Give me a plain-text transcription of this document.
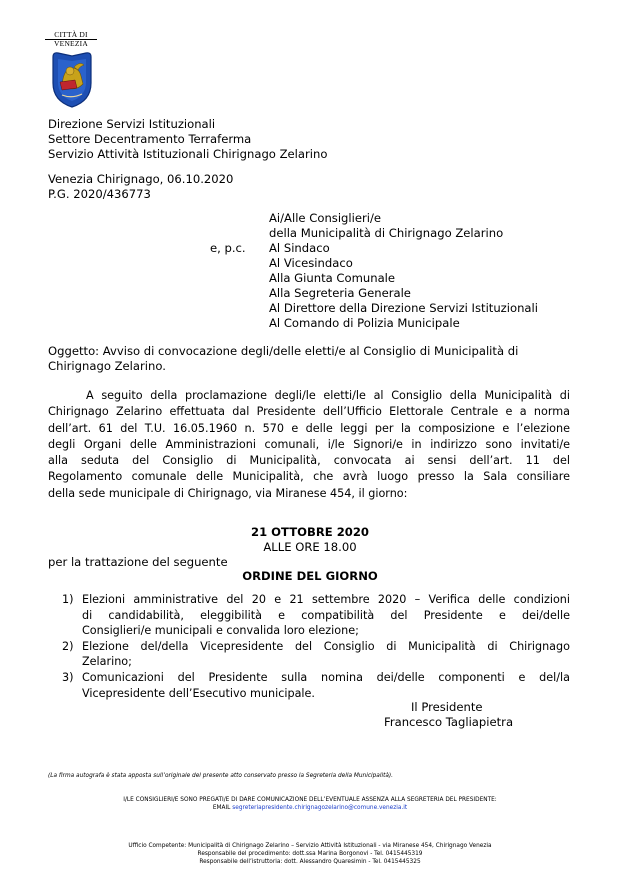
CITTÀ DI
VENEZIA
Direzione Servizi Istituzionali
Settore Decentramento Terraferma
Servizio Attività Istituzionali Chirignago Zelarino
Venezia Chirignago, 06.10.2020
P.G. 2020/436773
Ai/Alle Consiglieri/e
della Municipalità di Chirignago Zelarino
e, p.c. Al Sindaco
Al Vicesindaco
Alla Giunta Comunale
Alla Segreteria Generale
Al Direttore della Direzione Servizi Istituzionali
Al Comando di Polizia Municipale
Oggetto: Avviso di convocazione degli/delle eletti/e al Consiglio di Municipalità di
Chirignago Zelarino.
A seguito della proclamazione degli/le eletti/le al Consiglio della Municipalità di
Chirignago Zelarino effettuata dal Presidente dell’Ufficio Elettorale Centrale e a norma
dell’art. 61 del T.U. 16.05.1960 n. 570 e delle leggi per la composizione e l’elezione
degli Organi delle Amministrazioni comunali, i/le Signori/e in indirizzo sono invitati/e
alla seduta del Consiglio di Municipalità, convocata ai sensi dell’art. 11 del
Regolamento comunale delle Municipalità, che avrà luogo presso la Sala consiliare
della sede municipale di Chirignago, via Miranese 454, il giorno:
21 OTTOBRE 2020
ALLE ORE 18.00
per la trattazione del seguente
ORDINE DEL GIORNO
1) Elezioni amministrative del 20 e 21 settembre 2020 – Verifica delle condizioni
di candidabilità, eleggibilità e compatibilità del Presidente e dei/delle
Consiglieri/e municipali e convalida loro elezione;
2) Elezione del/della Vicepresidente del Consiglio di Municipalità di Chirignago
Zelarino;
3) Comunicazioni del Presidente sulla nomina dei/delle componenti e del/la
Vicepresidente dell’Esecutivo municipale.
Il Presidente
Francesco Tagliapietra
(La firma autografa è stata apposta sull’originale del presente atto conservato presso la Segreteria della Municipalità).
I/LE CONSIGLIERI/E SONO PREGATI/E DI DARE COMUNICAZIONE DELL’EVENTUALE ASSENZA ALLA SEGRETERIA DEL PRESIDENTE:
EMAIL segreteriapresidente.chirignagozelarino@comune.venezia.it
Ufficio Competente: Municipalità di Chirignago Zelarino – Servizio Attività Istituzionali - via Miranese 454, Chirignago Venezia
Responsabile del procedimento: dott.ssa Marina Borgonovi - Tel. 0415445319
Responsabile dell’istruttoria: dott. Alessandro Quaresimin - Tel. 0415445325
